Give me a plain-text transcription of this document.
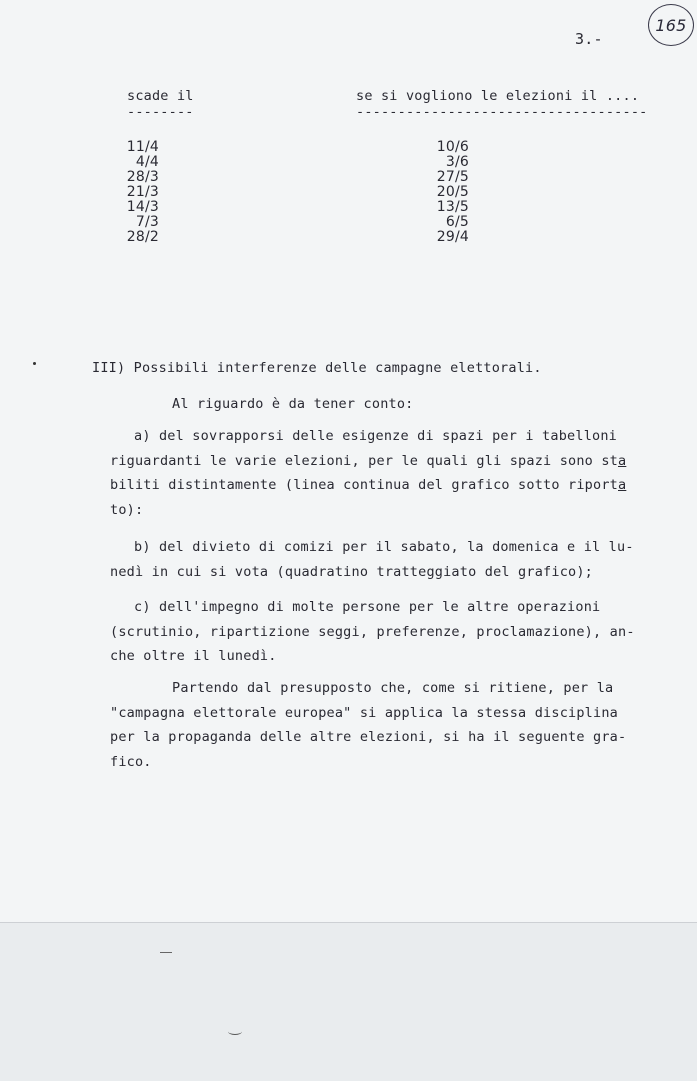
3.-
165
scade il	se si vogliono le elezioni il ....
--------	-----------------------------------
11/4
4/4
28/3
21/3
14/3
7/3
28/2
10/6
3/6
27/5
20/5
13/5
6/5
29/4
III) Possibili interferenze delle campagne elettorali.
Al riguardo è da tener conto:
a) del sovrapporsi delle esigenze di spazi per i tabelloni
riguardanti le varie elezioni, per le quali gli spazi sono sta
biliti distintamente (linea continua del grafico sotto riporta
to):
b) del divieto di comizi per il sabato, la domenica e il lu-
nedì in cui si vota (quadratino tratteggiato del grafico);
c) dell'impegno di molte persone per le altre operazioni
(scrutinio, ripartizione seggi, preferenze, proclamazione), an-
che oltre il lunedì.
Partendo dal presupposto che, come si ritiene, per la
"campagna elettorale europea" si applica la stessa disciplina
per la propaganda delle altre elezioni, si ha il seguente gra-
fico.
